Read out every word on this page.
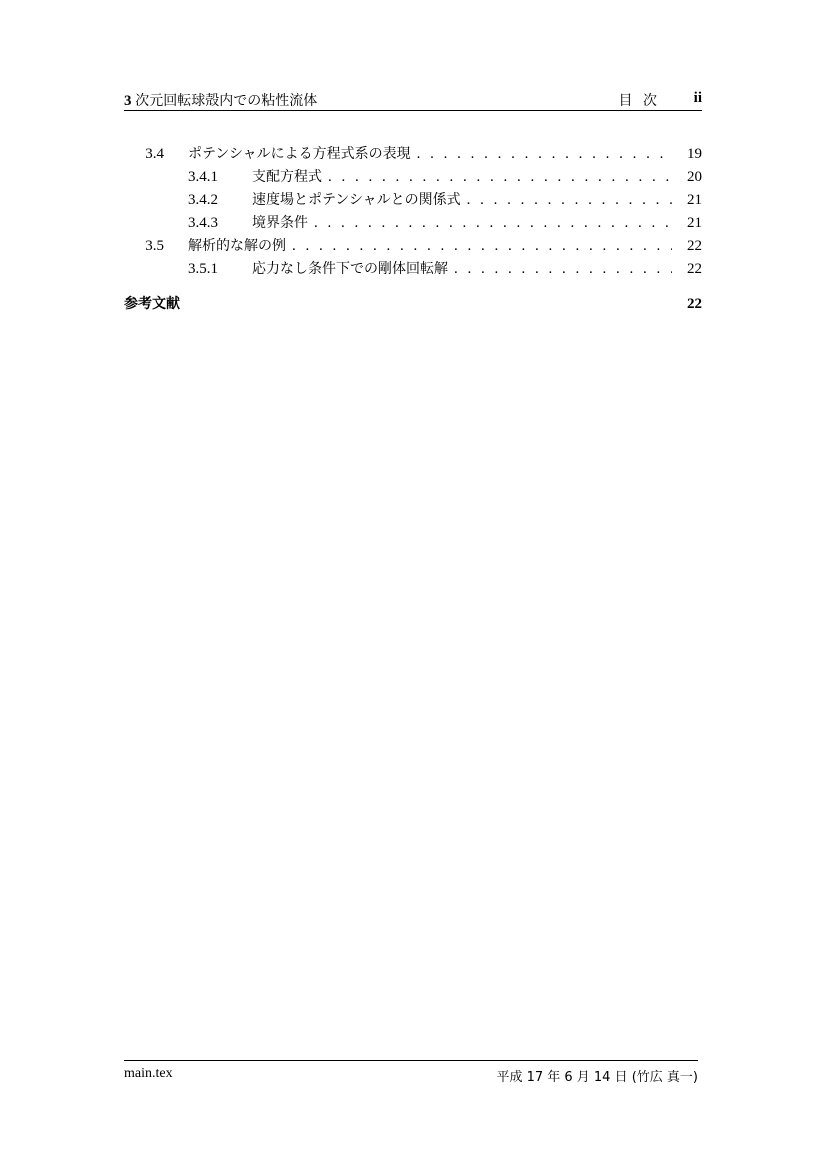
3 次元回転球殻内での粘性流体	目 次 ii
3.4	ポテンシャルによる方程式系の表現 . . .	19
3.4.1	支配方程式 . . .	20
3.4.2	速度場とポテンシャルとの関係式 . . .	21
3.4.3	境界条件 . . .	21
3.5	解析的な解の例 . . .	22
3.5.1	応力なし条件下での剛体回転解 . . .	22
参考文献	22
main.tex	平成 17 年 6 月 14 日 (竹広 真一)
